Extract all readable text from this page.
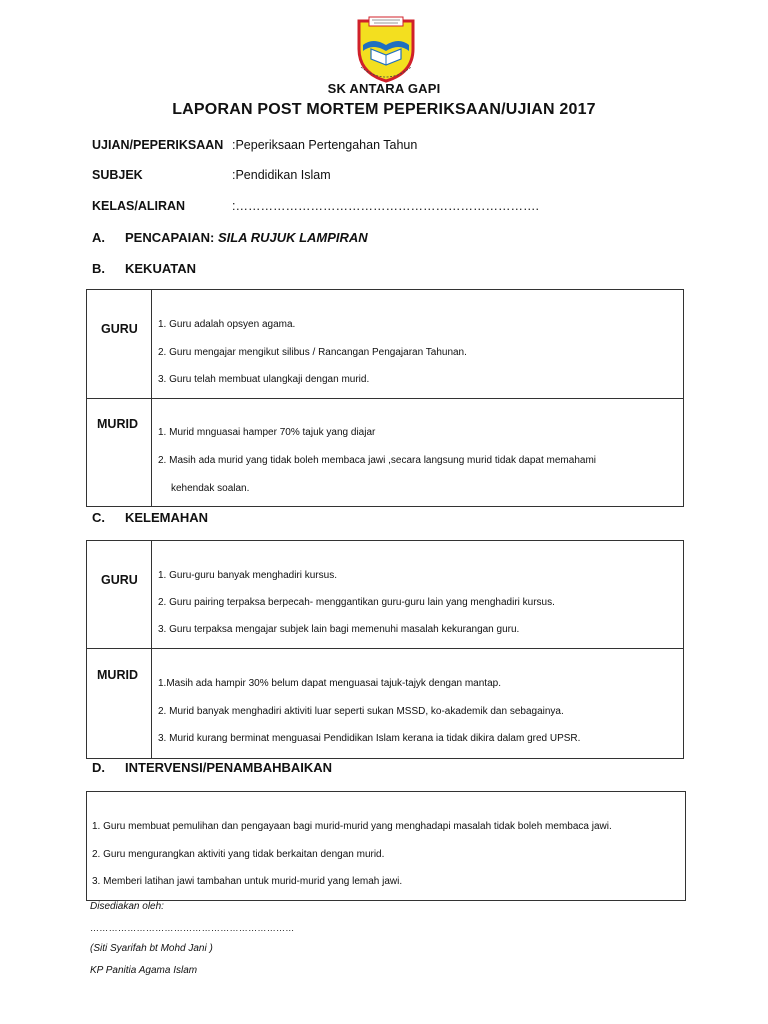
SK ANTARA GAPI
LAPORAN POST MORTEM PEPERIKSAAN/UJIAN 2017
UJIAN/PEPERIKSAAN :Peperiksaan Pertengahan Tahun
SUBJEK	:Pendidikan Islam
KELAS/ALIRAN	:……………………………………………………………….
A. PENCAPAIAN: SILA RUJUK LAMPIRAN
B. KEKUATAN
GURU 1. Guru adalah opsyen agama.
2. Guru mengajar mengikut silibus / Rancangan Pengajaran Tahunan.
3. Guru telah membuat ulangkaji dengan murid.
MURID
1. Murid mnguasai hamper 70% tajuk yang diajar
2. Masih ada murid yang tidak boleh membaca jawi ,secara langsung murid tidak dapat memahami
kehendak soalan.
C. KELEMAHAN
GURU 1. Guru-guru banyak menghadiri kursus.
2. Guru pairing terpaksa berpecah- menggantikan guru-guru lain yang menghadiri kursus.
3. Guru terpaksa mengajar subjek lain bagi memenuhi masalah kekurangan guru.
MURID
1.Masih ada hampir 30% belum dapat menguasai tajuk-tajyk dengan mantap.
2. Murid banyak menghadiri aktiviti luar seperti sukan MSSD, ko-akademik dan sebagainya.
3. Murid kurang berminat menguasai Pendidikan Islam kerana ia tidak dikira dalam gred UPSR.
D. INTERVENSI/PENAMBAHBAIKAN
1. Guru membuat pemulihan dan pengayaan bagi murid-murid yang menghadapi masalah tidak boleh membaca jawi.
2. Guru mengurangkan aktiviti yang tidak berkaitan dengan murid.
3. Memberi latihan jawi tambahan untuk murid-murid yang lemah jawi.
Disediakan oleh:
…………………………………………………………
(Siti Syarifah bt Mohd Jani )
KP Panitia Agama Islam
